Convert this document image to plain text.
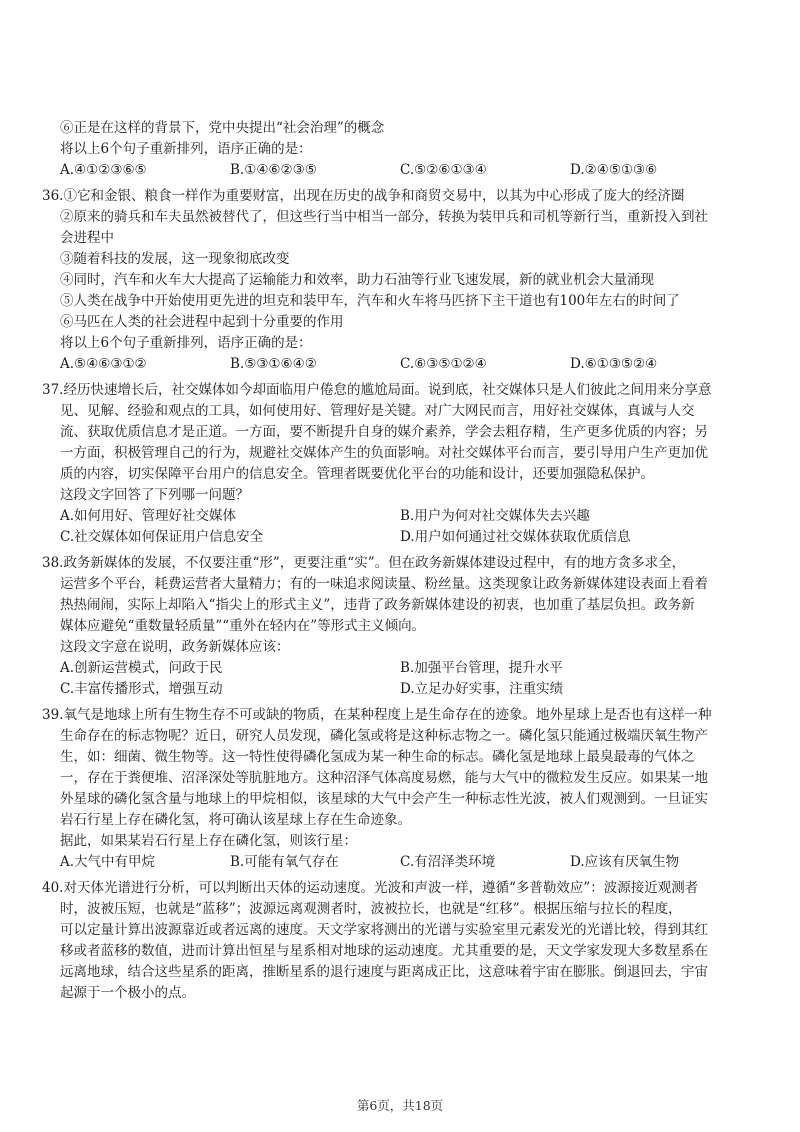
⑥正是在这样的背景下，党中央提出“社会治理”的概念
将以上6个句子重新排列，语序正确的是：
A.④①②③⑥⑤	B.①④⑥②③⑤	C.⑤②⑥①③④	D.②④⑤①③⑥
36.①它和金银、粮食一样作为重要财富，出现在历史的战争和商贸交易中，以其为中心形成了庞大的经济圈
②原来的骑兵和车夫虽然被替代了，但这些行当中相当一部分，转换为装甲兵和司机等新行当，重新投入到社
会进程中
③随着科技的发展，这一现象彻底改变
④同时，汽车和火车大大提高了运输能力和效率，助力石油等行业飞速发展，新的就业机会大量涌现
⑤人类在战争中开始使用更先进的坦克和装甲车，汽车和火车将马匹挤下主干道也有100年左右的时间了
⑥马匹在人类的社会进程中起到十分重要的作用
将以上6个句子重新排列，语序正确的是：
A.⑤④⑥③①②	B.⑤③①⑥④②	C.⑥③⑤①②④	D.⑥①③⑤②④
37.经历快速增长后，社交媒体如今却面临用户倦怠的尴尬局面。说到底，社交媒体只是人们彼此之间用来分享意
见、见解、经验和观点的工具，如何使用好、管理好是关键。对广大网民而言，用好社交媒体，真诚与人交
流、获取优质信息才是正道。一方面，要不断提升自身的媒介素养，学会去粗存精，生产更多优质的内容；另
一方面，积极管理自己的行为，规避社交媒体产生的负面影响。对社交媒体平台而言，要引导用户生产更加优
质的内容，切实保障平台用户的信息安全。管理者既要优化平台的功能和设计，还要加强隐私保护。
这段文字回答了下列哪一问题？
A.如何用好、管理好社交媒体	B.用户为何对社交媒体失去兴趣
C.社交媒体如何保证用户信息安全	D.用户如何通过社交媒体获取优质信息
38.政务新媒体的发展，不仅要注重“形”，更要注重“实”。但在政务新媒体建设过程中，有的地方贪多求全，
运营多个平台，耗费运营者大量精力；有的一味追求阅读量、粉丝量。这类现象让政务新媒体建设表面上看着
热热闹闹，实际上却陷入“指尖上的形式主义”，违背了政务新媒体建设的初衷，也加重了基层负担。政务新
媒体应避免“重数量轻质量”“重外在轻内在”等形式主义倾向。
这段文字意在说明，政务新媒体应该：
A.创新运营模式，问政于民	B.加强平台管理，提升水平
C.丰富传播形式，增强互动	D.立足办好实事，注重实绩
39.氧气是地球上所有生物生存不可或缺的物质，在某种程度上是生命存在的迹象。地外星球上是否也有这样一种
生命存在的标志物呢？近日，研究人员发现，磷化氢或将是这种标志物之一。磷化氢只能通过极端厌氧生物产
生，如：细菌、微生物等。这一特性使得磷化氢成为某一种生命的标志。磷化氢是地球上最臭最毒的气体之
一，存在于粪便堆、沼泽深处等肮脏地方。这种沼泽气体高度易燃，能与大气中的微粒发生反应。如果某一地
外星球的磷化氢含量与地球上的甲烷相似，该星球的大气中会产生一种标志性光波，被人们观测到。一旦证实
岩石行星上存在磷化氢，将可确认该星球上存在生命迹象。
据此，如果某岩石行星上存在磷化氢，则该行星：
A.大气中有甲烷	B.可能有氧气存在	C.有沼泽类环境	D.应该有厌氧生物
40.对天体光谱进行分析，可以判断出天体的运动速度。光波和声波一样，遵循“多普勒效应”：波源接近观测者
时，波被压短，也就是“蓝移”；波源远离观测者时，波被拉长，也就是“红移”。根据压缩与拉长的程度，
可以定量计算出波源靠近或者远离的速度。天文学家将测出的光谱与实验室里元素发光的光谱比较，得到其红
移或者蓝移的数值，进而计算出恒星与星系相对地球的运动速度。尤其重要的是，天文学家发现大多数星系在
远离地球，结合这些星系的距离，推断星系的退行速度与距离成正比，这意味着宇宙在膨胀。倒退回去，宇宙
起源于一个极小的点。
第6页，共18页
